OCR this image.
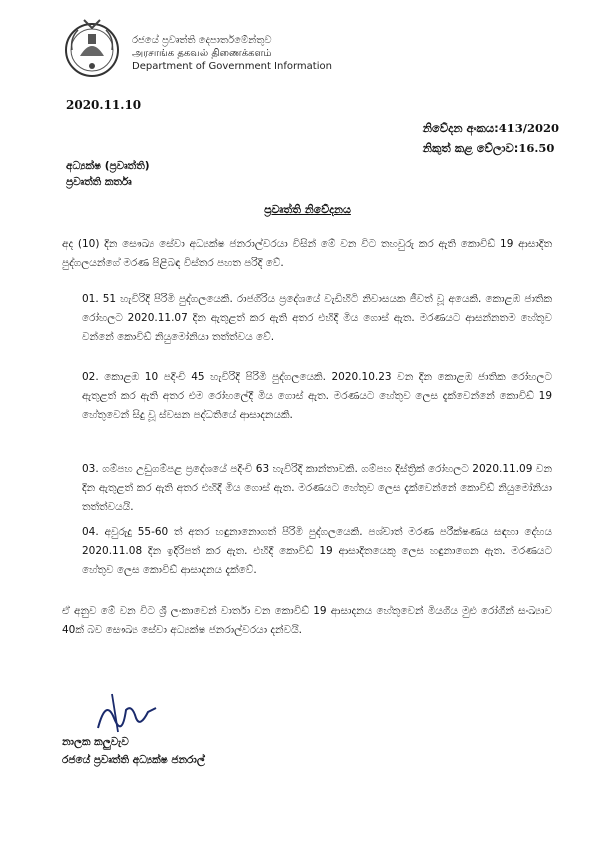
රජයේ ප්‍රවෘත්ති දෙපාර්තමේන්තුව
அரசாங்க தகவல் திணைக்களம்
Department of Government Information
2020.11.10
නිවේදන අංකය:413/2020
නිකුත් කළ වේලාව:16.50
අධ්‍යක්ෂ (ප්‍රවෘත්ති)
ප්‍රවෘත්ති කර්තෘ
ප්‍රවෘත්ති නිවේදනය
අද (10) දින සෞඛ්‍ය සේවා අධ්‍යක්ෂ ජනරාල්වරයා විසින් මේ වන විට තහවුරු කර ඇති කොවිඩ් 19 ආසාදිත පුද්ගලයන්ගේ මරණ පිළිබඳ විස්තර පහත පරිදි වේ.
01. 51 හැවිරිදි පිරිමි පුද්ගලයෙකි. රාජගිරිය ප්‍රදේශයේ වැඩිහිටි නිවාසයක ජීවත් වූ අයෙකි. කොළඹ ජාතික රෝහලට 2020.11.07 දින ඇතුළත් කර ඇති අතර එහිදී මිය ගොස් ඇත. මරණයට ආසන්නතම හේතුව වන්නේ කොවිඩ් නියුමෝනියා තත්ත්වය වේ.
02. කොළඹ 10 පදිංචි 45 හැවිරිදි පිරිමි පුද්ගලයෙකි. 2020.10.23 වන දින කොළඹ ජාතික රෝහලට ඇතුළත් කර ඇති අතර එම රෝහලේදී මිය ගොස් ඇත. මරණයට හේතුව ලෙස දැක්වෙන්නේ කොවිඩ් 19 හේතුවෙන් සිදු වූ ස්වසන පද්ධතියේ ආසාදනයකි.
03. ගම්පහ උඩුගම්පළ ප්‍රදේශයේ පදිංචි 63 හැවිරිදි කාන්තාවකි. ගම්පහ දිස්ත්‍රික් රෝහලට 2020.11.09 වන දින ඇතුළත් කර ඇති අතර එහිදී මිය ගොස් ඇත. මරණයට හේතුව ලෙස දැක්වෙන්නේ කොවිඩ් නියුමෝනියා තත්ත්වයයි.
04. අවුරුදු 55-60 ත් අතර හඳුනානොගත් පිරිමි පුද්ගලයෙකි. පශ්චාත් මරණ පරීක්ෂණය සඳහා දේහය 2020.11.08 දින ඉදිරිපත් කර ඇත. එහිදී කොවිඩ් 19 ආසාදිතයෙකු ලෙස හඳුනාගෙන ඇත. මරණයට හේතුව ලෙස කොවිඩ් ආසාදනය දැක්වේ.
ඒ අනුව මේ වන විට ශ්‍රී ලංකාවෙන් වාර්තා වන කොවිඩ් 19 ආසාදනය හේතුවෙන් මියගිය මුළු රෝගීන් සංඛ්‍යාව 40ක් බව සෞඛ්‍ය සේවා අධ්‍යක්ෂ ජනරාල්වරයා දන්වයි.
නාලක කලුවැව
රජයේ ප්‍රවෘත්ති අධ්‍යක්ෂ ජනරාල්
